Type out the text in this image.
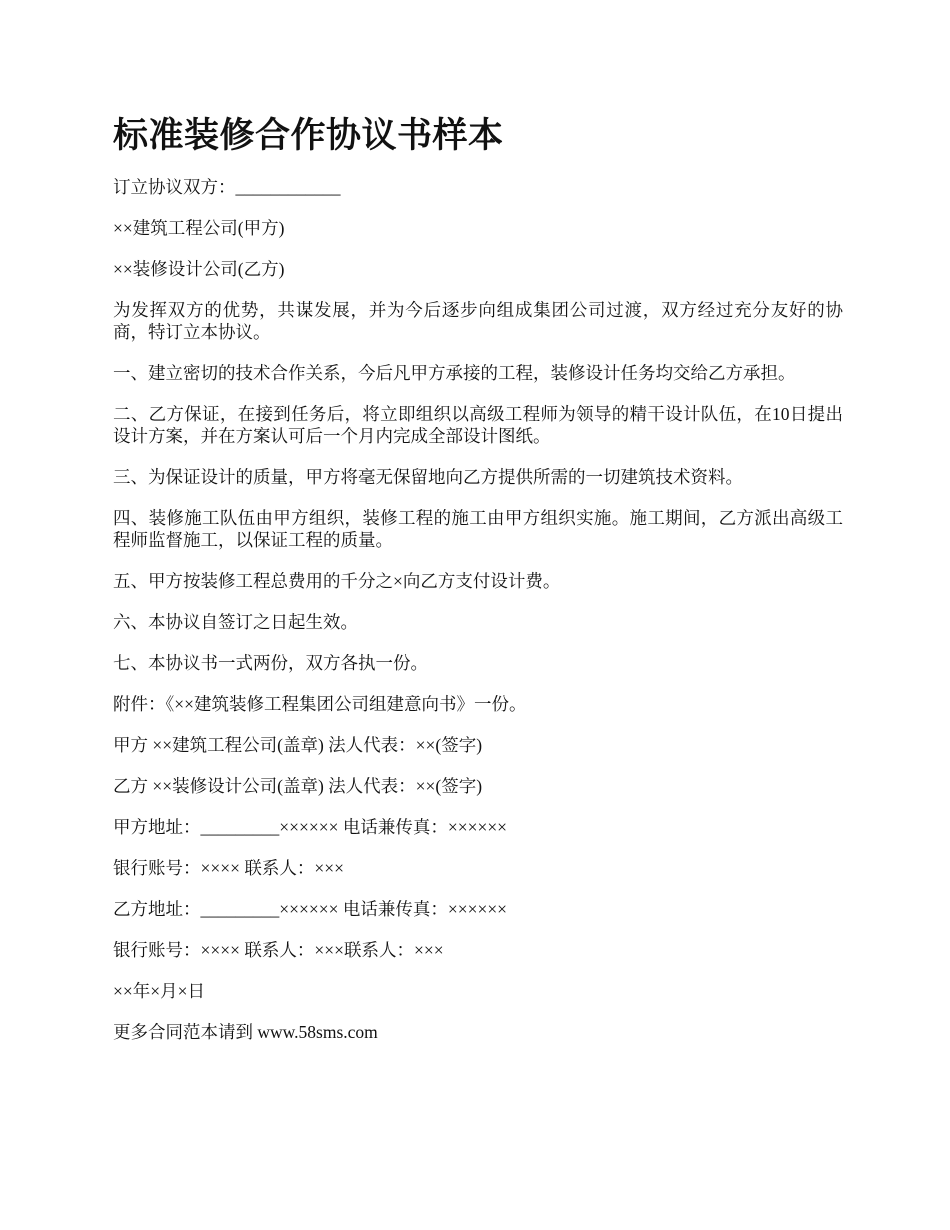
标准装修合作协议书样本

订立协议双方：____________

××建筑工程公司(甲方)

××装修设计公司(乙方)

为发挥双方的优势，共谋发展，并为今后逐步向组成集团公司过渡，双方经过充分友好的协商，特订立本协议。

一、建立密切的技术合作关系，今后凡甲方承接的工程，装修设计任务均交给乙方承担。

二、乙方保证，在接到任务后，将立即组织以高级工程师为领导的精干设计队伍，在10日提出设计方案，并在方案认可后一个月内完成全部设计图纸。

三、为保证设计的质量，甲方将毫无保留地向乙方提供所需的一切建筑技术资料。

四、装修施工队伍由甲方组织，装修工程的施工由甲方组织实施。施工期间，乙方派出高级工程师监督施工，以保证工程的质量。

五、甲方按装修工程总费用的千分之×向乙方支付设计费。

六、本协议自签订之日起生效。

七、本协议书一式两份，双方各执一份。

附件：《××建筑装修工程集团公司组建意向书》一份。

甲方 ××建筑工程公司(盖章) 法人代表：××(签字)

乙方 ××装修设计公司(盖章) 法人代表：××(签字)

甲方地址：_________×××××× 电话兼传真：××××××

银行账号：×××× 联系人：×××

乙方地址：_________×××××× 电话兼传真：××××××

银行账号：×××× 联系人：×××联系人：×××

××年×月×日

更多合同范本请到 www.58sms.com
